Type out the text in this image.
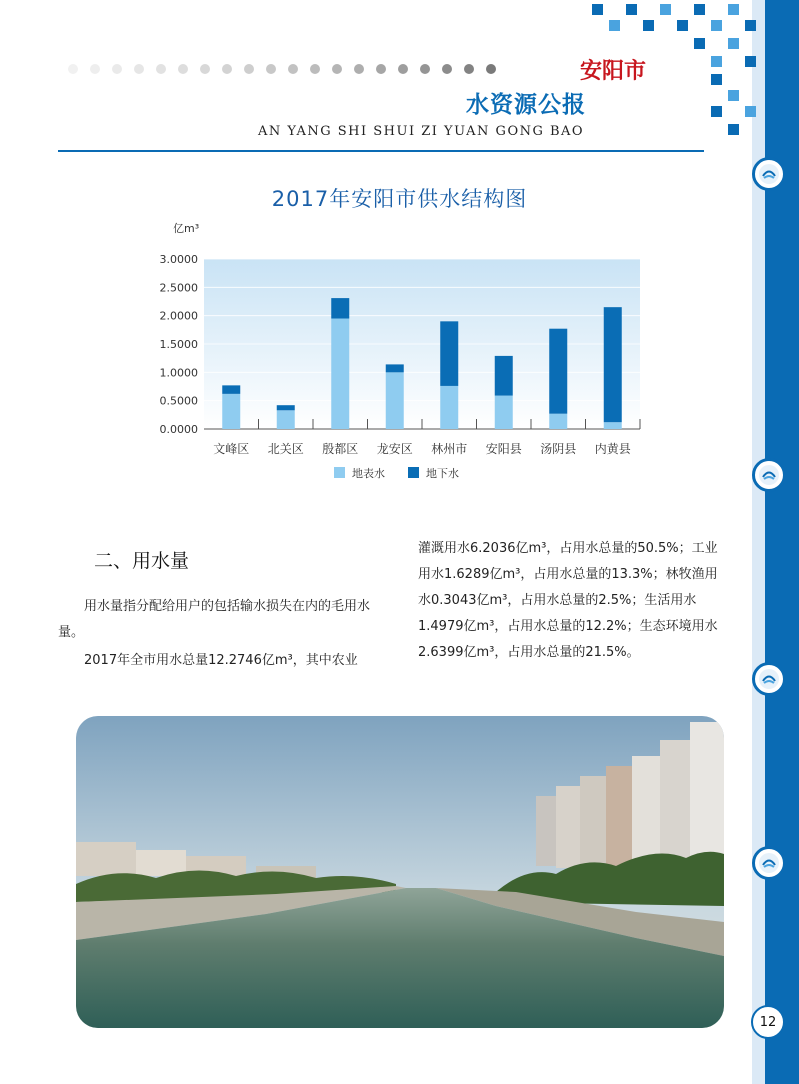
安阳市
水资源公报
AN YANG SHI SHUI ZI YUAN GONG BAO
2017年安阳市供水结构图
亿m³
3.0000
2.5000
2.0000
1.5000
1.0000
0.5000
0.0000
文峰区 北关区 殷都区 龙安区 林州市 安阳县 汤阴县 内黄县
地表水	地下水
二、用水量
用水量指分配给用户的包括输水损失在内的毛用水量。
2017年全市用水总量12.2746亿m³，其中农业
灌溉用水6.2036亿m³，占用水总量的50.5%；工业
用水1.6289亿m³，占用水总量的13.3%；林牧渔用
水0.3043亿m³，占用水总量的2.5%；生活用水
1.4979亿m³，占用水总量的12.2%；生态环境用水
2.6399亿m³，占用水总量的21.5%。
12
